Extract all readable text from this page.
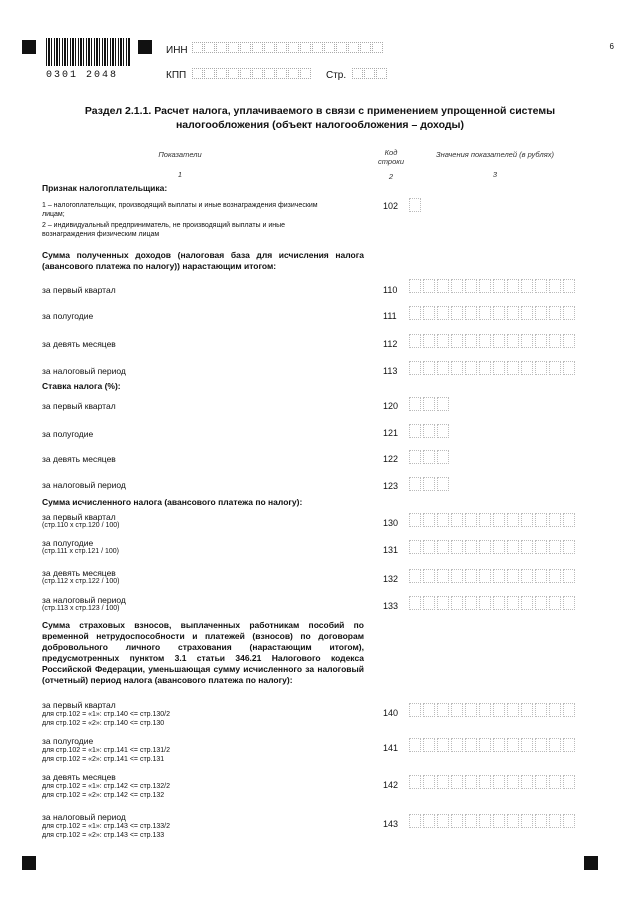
0301 2048
6
ИНН
КПП	Стр.
Раздел 2.1.1. Расчет налога, уплачиваемого в связи с применением упрощенной системы
налогообложения (объект налогообложения – доходы)
Показатели
1
Код строки
2
Значения показателей (в рублях)
3
Признак налогоплательщика:
1 – налогоплательщик, производящий выплаты и иные вознаграждения физическим лицам;
2 – индивидуальный предприниматель, не производящий выплаты и иные вознаграждения физическим лицам
102
Сумма полученных доходов (налоговая база для исчисления налога (авансового платежа по налогу)) нарастающим итогом:
за первый квартал	110
за полугодие	111
за девять месяцев	112
за налоговый период	113
Ставка налога (%):
за первый квартал	120
за полугодие	121
за девять месяцев	122
за налоговый период	123
Сумма исчисленного налога (авансового платежа по налогу):
за первый квартал
(стр.110 х стр.120 / 100)	130
за полугодие
(стр.111 х стр.121 / 100)	131
за девять месяцев
(стр.112 х стр.122 / 100)	132
за налоговый период
(стр.113 х стр.123 / 100)	133
Сумма страховых взносов, выплаченных работникам пособий по временной нетрудоспособности и платежей (взносов) по договорам добровольного личного страхования (нарастающим итогом), предусмотренных пунктом 3.1 статьи 346.21 Налогового кодекса Российской Федерации, уменьшающая сумму исчисленного за налоговый (отчетный) период налога (авансового платежа по налогу):
за первый квартал
для стр.102 = «1»: стр.140 <= стр.130/2
для стр.102 = «2»: стр.140 <= стр.130
140
за полугодие
для стр.102 = «1»: стр.141 <= стр.131/2
для стр.102 = «2»: стр.141 <= стр.131
141
за девять месяцев
для стр.102 = «1»: стр.142 <= стр.132/2
для стр.102 = «2»: стр.142 <= стр.132
142
за налоговый период
для стр.102 = «1»: стр.143 <= стр.133/2
для стр.102 = «2»: стр.143 <= стр.133
143
